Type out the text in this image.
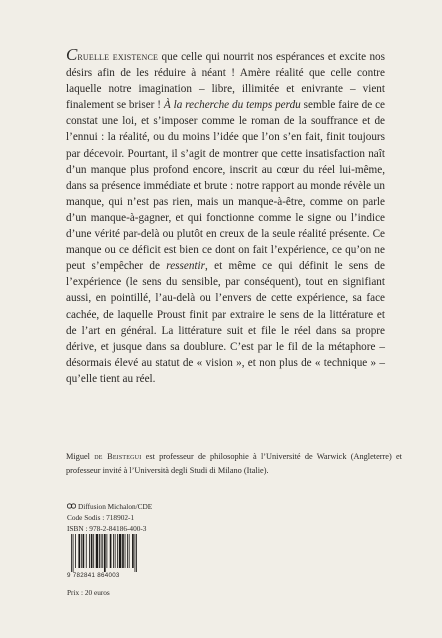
Cruelle existence que celle qui nourrit nos espérances et excite nos désirs afin de les réduire à néant ! Amère réalité que celle contre laquelle notre imagination – libre, illimitée et enivrante – vient finalement se briser ! À la recherche du temps perdu semble faire de ce constat une loi, et s’imposer comme le roman de la souffrance et de l’ennui : la réalité, ou du moins l’idée que l’on s’en fait, finit toujours par décevoir. Pourtant, il s’agit de montrer que cette insatisfaction naît d’un manque plus profond encore, inscrit au cœur du réel lui-même, dans sa présence immédiate et brute : notre rapport au monde révèle un manque, qui n’est pas rien, mais un manque-à-être, comme on parle d’un manque-à-gagner, et qui fonctionne comme le signe ou l’indice d’une vérité par-delà ou plutôt en creux de la seule réalité présente. Ce manque ou ce déficit est bien ce dont on fait l’expérience, ce qu’on ne peut s’empêcher de ressentir, et même ce qui définit le sens de l’expérience (le sens du sensible, par conséquent), tout en signifiant aussi, en pointillé, l’au-delà ou l’envers de cette expérience, sa face cachée, de laquelle Proust finit par extraire le sens de la littérature et de l’art en général. La littérature suit et file le réel dans sa propre dérive, et jusque dans sa doublure. C’est par le fil de la métaphore – désormais élevé au statut de « vision », et non plus de « technique » – qu’elle tient au réel.

Miguel de Beistegui est professeur de philosophie à l’Université de Warwick (Angleterre) et professeur invité à l’Università degli Studi di Milano (Italie).

Diffusion Michalon/CDE
Code Sodis : 718902-1
ISBN : 978-2-84186-400-3
9 782841 864003
Prix : 20 euros
